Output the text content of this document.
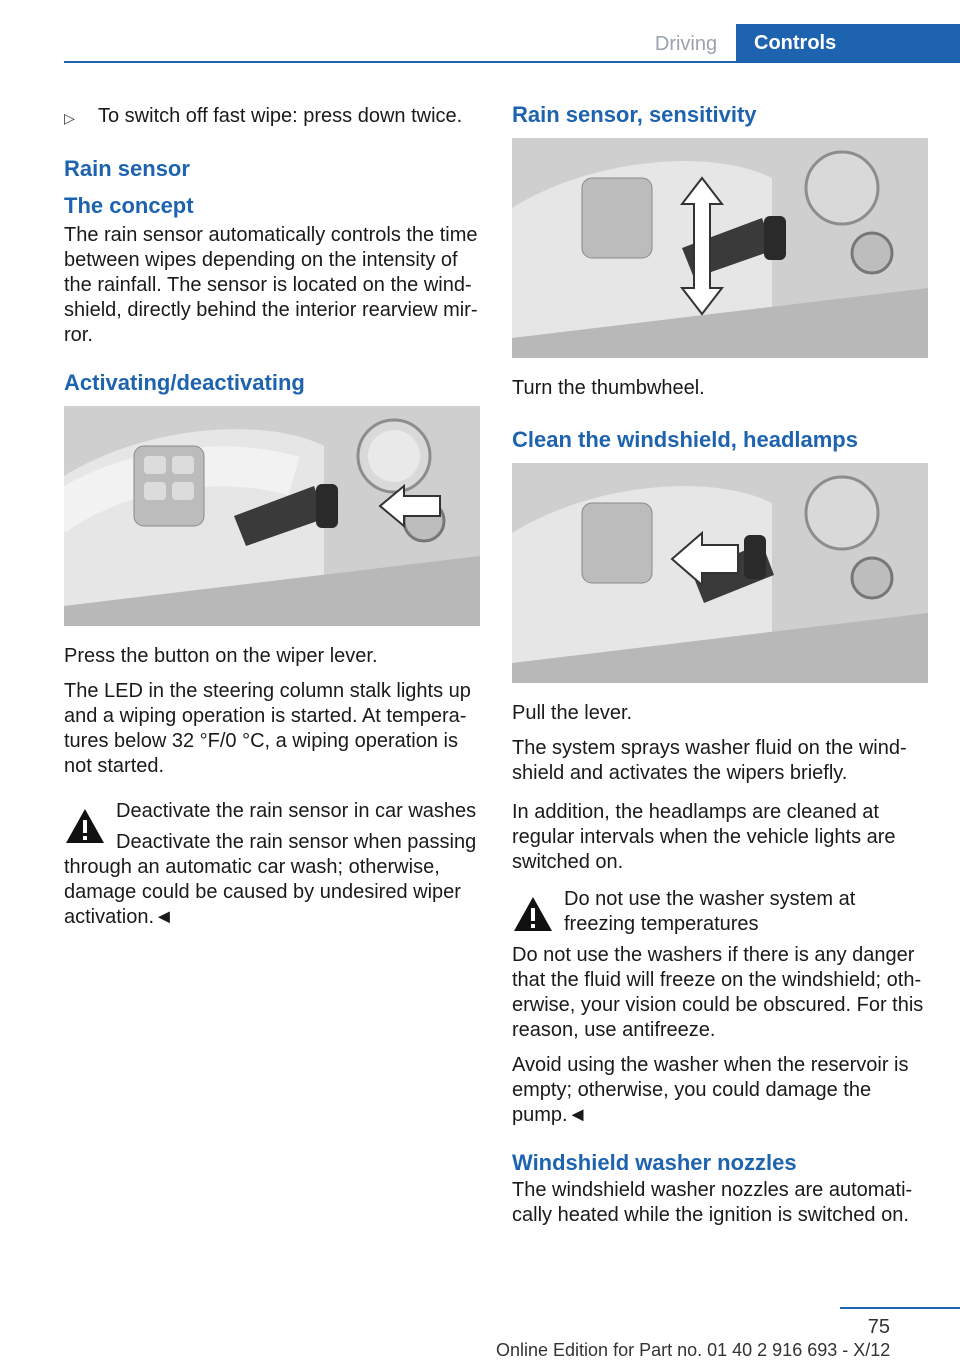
Driving	Controls
▷	To switch off fast wipe: press down twice.
Rain sensor
The concept

The rain sensor automatically controls the time between wipes depending on the intensity of the rainfall. The sensor is located on the windshield, directly behind the interior rearview mirror.

Activating/deactivating

Press the button on the wiper lever.

The LED in the steering column stalk lights up and a wiping operation is started. At temperatures below 32 °F/0 °C, a wiping operation is not started.

Deactivate the rain sensor in car washes
Deactivate the rain sensor when passing
through an automatic car wash; otherwise, damage could be caused by undesired wiper activation.◄
Rain sensor, sensitivity

Turn the thumbwheel.

Clean the windshield, headlamps

Pull the lever.

The system sprays washer fluid on the windshield and activates the wipers briefly.

In addition, the headlamps are cleaned at regular intervals when the vehicle lights are switched on.

Do not use the washer system at freezing temperatures

Do not use the washers if there is any danger that the fluid will freeze on the windshield; otherwise, your vision could be obscured. For this reason, use antifreeze.

Avoid using the washer when the reservoir is empty; otherwise, you could damage the pump.◄

Windshield washer nozzles

The windshield washer nozzles are automatically heated while the ignition is switched on.

75
Online Edition for Part no. 01 40 2 916 693 - X/12
